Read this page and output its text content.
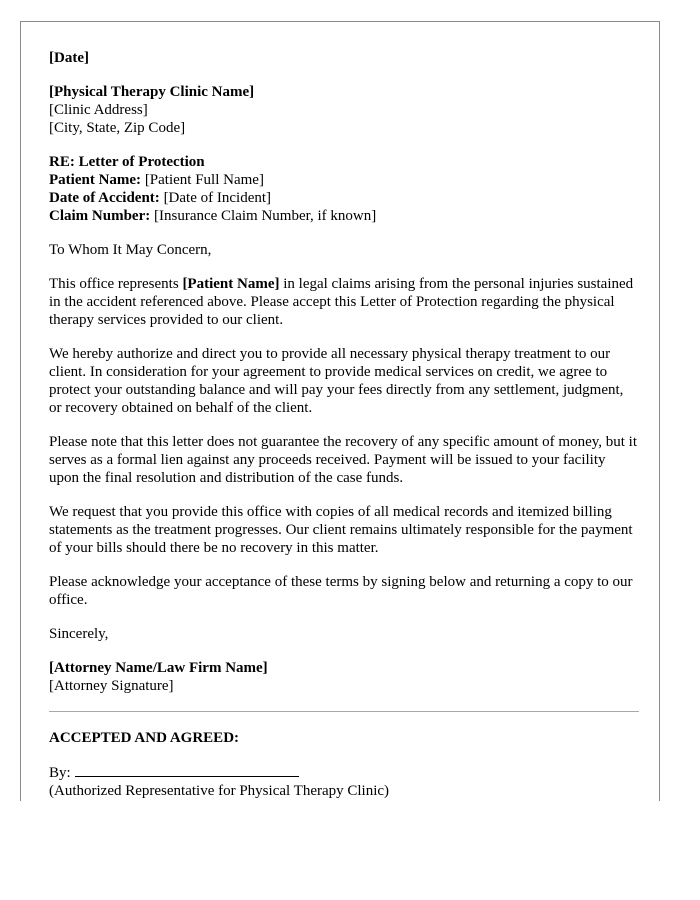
[Date]

[Physical Therapy Clinic Name]
[Clinic Address]
[City, State, Zip Code]

RE: Letter of Protection
Patient Name: [Patient Full Name]
Date of Accident: [Date of Incident]
Claim Number: [Insurance Claim Number, if known]

To Whom It May Concern,

This office represents [Patient Name] in legal claims arising from the personal injuries sustained in the accident referenced above. Please accept this Letter of Protection regarding the physical therapy services provided to our client.

We hereby authorize and direct you to provide all necessary physical therapy treatment to our client. In consideration for your agreement to provide medical services on credit, we agree to protect your outstanding balance and will pay your fees directly from any settlement, judgment, or recovery obtained on behalf of the client.

Please note that this letter does not guarantee the recovery of any specific amount of money, but it serves as a formal lien against any proceeds received. Payment will be issued to your facility upon the final resolution and distribution of the case funds.

We request that you provide this office with copies of all medical records and itemized billing statements as the treatment progresses. Our client remains ultimately responsible for the payment of your bills should there be no recovery in this matter.

Please acknowledge your acceptance of these terms by signing below and returning a copy to our office.

Sincerely,

[Attorney Name/Law Firm Name]
[Attorney Signature]

ACCEPTED AND AGREED:

By:
(Authorized Representative for Physical Therapy Clinic)
